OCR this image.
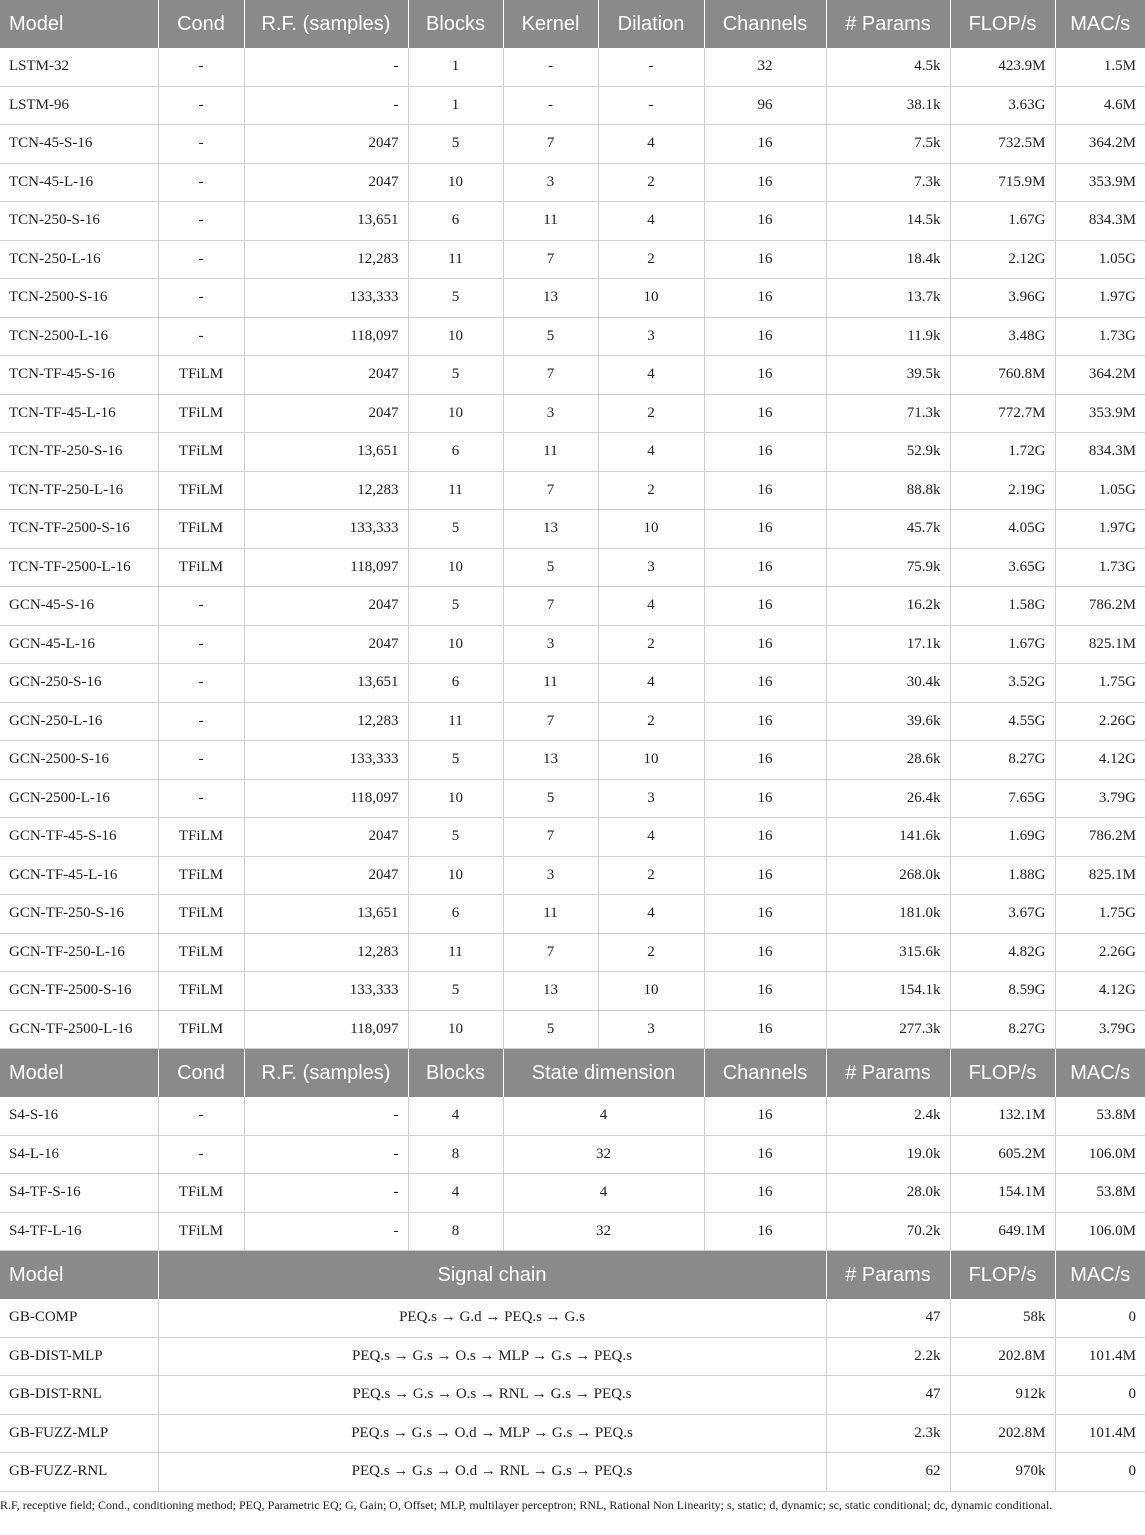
Model	Cond	R.F. (samples)	Blocks	Kernel	Dilation	Channels	# Params	FLOP/s	MAC/s
LSTM-32	-	-	1	-	-	32	4.5k	423.9M	1.5M
LSTM-96	-	-	1	-	-	96	38.1k	3.63G	4.6M
TCN-45-S-16	-	2047	5	7	4	16	7.5k	732.5M	364.2M
TCN-45-L-16	-	2047	10	3	2	16	7.3k	715.9M	353.9M
TCN-250-S-16	-	13,651	6	11	4	16	14.5k	1.67G	834.3M
TCN-250-L-16	-	12,283	11	7	2	16	18.4k	2.12G	1.05G
TCN-2500-S-16	-	133,333	5	13	10	16	13.7k	3.96G	1.97G
TCN-2500-L-16	-	118,097	10	5	3	16	11.9k	3.48G	1.73G
TCN-TF-45-S-16	TFiLM	2047	5	7	4	16	39.5k	760.8M	364.2M
TCN-TF-45-L-16	TFiLM	2047	10	3	2	16	71.3k	772.7M	353.9M
TCN-TF-250-S-16	TFiLM	13,651	6	11	4	16	52.9k	1.72G	834.3M
TCN-TF-250-L-16	TFiLM	12,283	11	7	2	16	88.8k	2.19G	1.05G
TCN-TF-2500-S-16	TFiLM	133,333	5	13	10	16	45.7k	4.05G	1.97G
TCN-TF-2500-L-16	TFiLM	118,097	10	5	3	16	75.9k	3.65G	1.73G
GCN-45-S-16	-	2047	5	7	4	16	16.2k	1.58G	786.2M
GCN-45-L-16	-	2047	10	3	2	16	17.1k	1.67G	825.1M
GCN-250-S-16	-	13,651	6	11	4	16	30.4k	3.52G	1.75G
GCN-250-L-16	-	12,283	11	7	2	16	39.6k	4.55G	2.26G
GCN-2500-S-16	-	133,333	5	13	10	16	28.6k	8.27G	4.12G
GCN-2500-L-16	-	118,097	10	5	3	16	26.4k	7.65G	3.79G
GCN-TF-45-S-16	TFiLM	2047	5	7	4	16	141.6k	1.69G	786.2M
GCN-TF-45-L-16	TFiLM	2047	10	3	2	16	268.0k	1.88G	825.1M
GCN-TF-250-S-16	TFiLM	13,651	6	11	4	16	181.0k	3.67G	1.75G
GCN-TF-250-L-16	TFiLM	12,283	11	7	2	16	315.6k	4.82G	2.26G
GCN-TF-2500-S-16	TFiLM	133,333	5	13	10	16	154.1k	8.59G	4.12G
GCN-TF-2500-L-16	TFiLM	118,097	10	5	3	16	277.3k	8.27G	3.79G
Model	Cond	R.F. (samples)	Blocks	State dimension		Channels	# Params	FLOP/s	MAC/s
S4-S-16	-	-	4	4		16	2.4k	132.1M	53.8M
S4-L-16	-	-	8	32		16	19.0k	605.2M	106.0M
S4-TF-S-16	TFiLM	-	4	4		16	28.0k	154.1M	53.8M
S4-TF-L-16	TFiLM	-	8	32		16	70.2k	649.1M	106.0M
Model	Signal chain						# Params	FLOP/s	MAC/s
GB-COMP	PEQ.s → G.d → PEQ.s → G.s						47	58k	0
GB-DIST-MLP	PEQ.s → G.s → O.s → MLP → G.s → PEQ.s						2.2k	202.8M	101.4M
GB-DIST-RNL	PEQ.s → G.s → O.s → RNL → G.s → PEQ.s						47	912k	0
GB-FUZZ-MLP	PEQ.s → G.s → O.d → MLP → G.s → PEQ.s						2.3k	202.8M	101.4M
GB-FUZZ-RNL	PEQ.s → G.s → O.d → RNL → G.s → PEQ.s						62	970k	0
R.F, receptive field; Cond., conditioning method; PEQ, Parametric EQ; G, Gain; O, Offset; MLP, multilayer perceptron; RNL, Rational Non Linearity; s, static; d, dynamic; sc, static conditional; dc, dynamic conditional.
